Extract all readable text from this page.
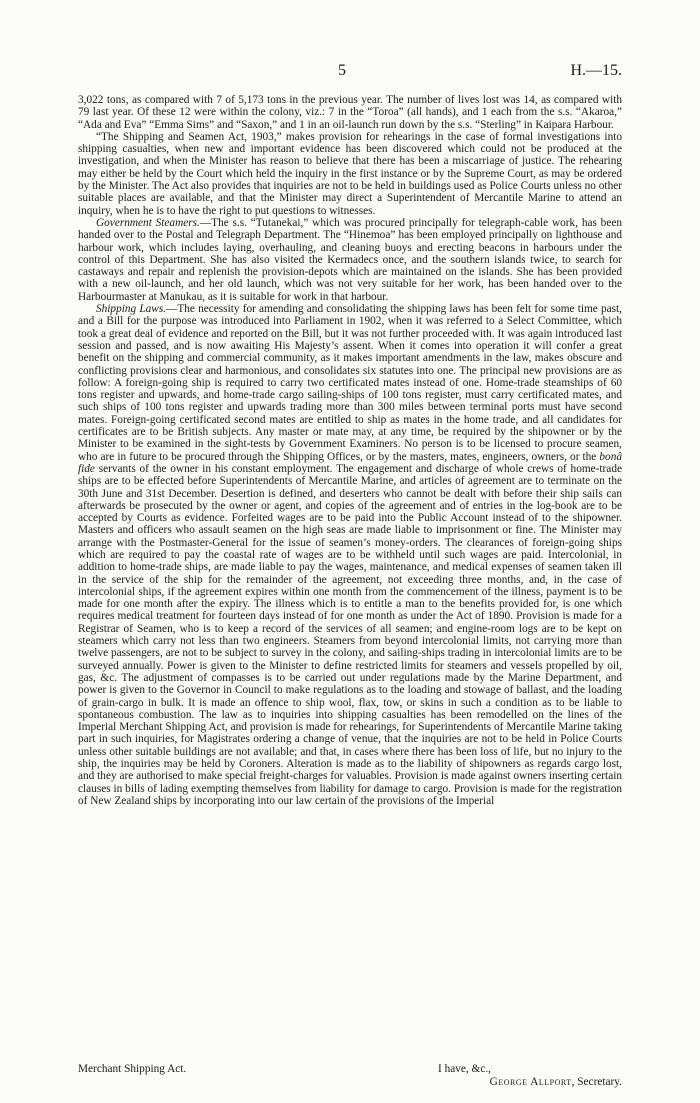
5	H.—15.

3,022 tons, as compared with 7 of 5,173 tons in the previous year. The number of lives lost was 14, as compared with 79 last year. Of these 12 were within the colony, viz.: 7 in the “Toroa” (all hands), and 1 each from the s.s. “Akaroa,” “Ada and Eva” “Emma Sims” and “Saxon,” and 1 in an oil-launch run down by the s.s. “Sterling” in Kaipara Harbour.

“The Shipping and Seamen Act, 1903,” makes provision for rehearings in the case of formal investigations into shipping casualties, when new and important evidence has been discovered which could not be produced at the investigation, and when the Minister has reason to believe that there has been a miscarriage of justice. The rehearing may either be held by the Court which held the inquiry in the first instance or by the Supreme Court, as may be ordered by the Minister. The Act also provides that inquiries are not to be held in buildings used as Police Courts unless no other suitable places are available, and that the Minister may direct a Superintendent of Mercantile Marine to attend an inquiry, when he is to have the right to put questions to witnesses.

Government Steamers.—The s.s. “Tutanekai,” which was procured principally for telegraph-cable work, has been handed over to the Postal and Telegraph Department. The “Hinemoa” has been employed principally on lighthouse and harbour work, which includes laying, overhauling, and cleaning buoys and erecting beacons in harbours under the control of this Department. She has also visited the Kermadecs once, and the southern islands twice, to search for castaways and repair and replenish the provision-depots which are maintained on the islands. She has been provided with a new oil-launch, and her old launch, which was not very suitable for her work, has been handed over to the Harbourmaster at Manukau, as it is suitable for work in that harbour.

Shipping Laws.—The necessity for amending and consolidating the shipping laws has been felt for some time past, and a Bill for the purpose was introduced into Parliament in 1902, when it was referred to a Select Committee, which took a great deal of evidence and reported on the Bill, but it was not further proceeded with. It was again introduced last session and passed, and is now awaiting His Majesty’s assent. When it comes into operation it will confer a great benefit on the shipping and commercial community, as it makes important amendments in the law, makes obscure and conflicting provisions clear and harmonious, and consolidates six statutes into one. The principal new provisions are as follow: A foreign-going ship is required to carry two certificated mates instead of one. Home-trade steamships of 60 tons register and upwards, and home-trade cargo sailing-ships of 100 tons register, must carry certificated mates, and such ships of 100 tons register and upwards trading more than 300 miles between terminal ports must have second mates. Foreign-going certificated second mates are entitled to ship as mates in the home trade, and all candidates for certificates are to be British subjects. Any master or mate may, at any time, be required by the shipowner or by the Minister to be examined in the sight-tests by Government Examiners. No person is to be licensed to procure seamen, who are in future to be procured through the Shipping Offices, or by the masters, mates, engineers, owners, or the bonâ fide servants of the owner in his constant employment. The engagement and discharge of whole crews of home-trade ships are to be effected before Superintendents of Mercantile Marine, and articles of agreement are to terminate on the 30th June and 31st December. Desertion is defined, and deserters who cannot be dealt with before their ship sails can afterwards be prosecuted by the owner or agent, and copies of the agreement and of entries in the log-book are to be accepted by Courts as evidence. Forfeited wages are to be paid into the Public Account instead of to the shipowner. Masters and officers who assault seamen on the high seas are made liable to imprisonment or fine. The Minister may arrange with the Postmaster-General for the issue of seamen’s money-orders. The clearances of foreign-going ships which are required to pay the coastal rate of wages are to be withheld until such wages are paid. Intercolonial, in addition to home-trade ships, are made liable to pay the wages, maintenance, and medical expenses of seamen taken ill in the service of the ship for the remainder of the agreement, not exceeding three months, and, in the case of intercolonial ships, if the agreement expires within one month from the commencement of the illness, payment is to be made for one month after the expiry. The illness which is to entitle a man to the benefits provided for, is one which requires medical treatment for fourteen days instead of for one month as under the Act of 1890. Provision is made for a Registrar of Seamen, who is to keep a record of the services of all seamen; and engine-room logs are to be kept on steamers which carry not less than two engineers. Steamers from beyond intercolonial limits, not carrying more than twelve passengers, are not to be subject to survey in the colony, and sailing-ships trading in intercolonial limits are to be surveyed annually. Power is given to the Minister to define restricted limits for steamers and vessels propelled by oil, gas, &c. The adjustment of compasses is to be carried out under regulations made by the Marine Department, and power is given to the Governor in Council to make regulations as to the loading and stowage of ballast, and the loading of grain-cargo in bulk. It is made an offence to ship wool, flax, tow, or skins in such a condition as to be liable to spontaneous combustion. The law as to inquiries into shipping casualties has been remodelled on the lines of the Imperial Merchant Shipping Act, and provision is made for rehearings, for Superintendents of Mercantile Marine taking part in such inquiries, for Magistrates ordering a change of venue, that the inquiries are not to be held in Police Courts unless other suitable buildings are not available; and that, in cases where there has been loss of life, but no injury to the ship, the inquiries may be held by Coroners. Alteration is made as to the liability of shipowners as regards cargo lost, and they are authorised to make special freight-charges for valuables. Provision is made against owners inserting certain clauses in bills of lading exempting themselves from liability for damage to cargo. Provision is made for the registration of New Zealand ships by incorporating into our law certain of the provisions of the Imperial

Merchant Shipping Act.	I have, &c.,
George Allport, Secretary.
